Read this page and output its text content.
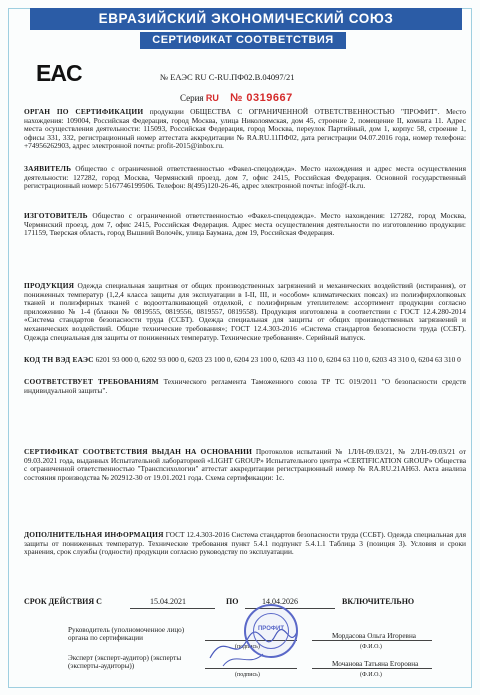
ЕВРАЗИЙСКИЙ ЭКОНОМИЧЕСКИЙ СОЮЗ
СЕРТИФИКАТ СООТВЕТСТВИЯ
EAC	№ ЕАЭС RU C-RU.ПФ02.В.04097/21
Серия RU № 0319667

ОРГАН ПО СЕРТИФИКАЦИИ продукции ОБЩЕСТВА С ОГРАНИЧЕННОЙ ОТВЕТСТВЕННОСТЬЮ "ПРОФИТ". Место нахождения: 109004, Российская Федерация, город Москва, улица Николоямская, дом 45, строение 2, помещение II, комната 11. Адрес места осуществления деятельности: 115093, Российская Федерация, город Москва, переулок Партийный, дом 1, корпус 58, строение 1, офисы 331, 332, регистрационный номер аттестата аккредитации № RA.RU.11ПФ02, дата регистрации 04.07.2016 года, номер телефона: +74956262903, адрес электронной почты: profit-2015@inbox.ru.

ЗАЯВИТЕЛЬ Общество с ограниченной ответственностью «Факел-спецодежда». Место нахождения и адрес места осуществления деятельности: 127282, город Москва, Чермянский проезд, дом 7, офис 2415, Российская Федерация. Основной государственный регистрационный номер: 5167746199506. Телефон: 8(495)120-26-46, адрес электронной почты: info@f-tk.ru.

ИЗГОТОВИТЕЛЬ Общество с ограниченной ответственностью «Факел-спецодежда». Место нахождения: 127282, город Москва, Чермянский проезд, дом 7, офис 2415, Российская Федерация. Адрес места осуществления деятельности по изготовлению продукции: 171159, Тверская область, город Вышний Волочёк, улица Баумана, дом 19, Российская Федерация.

ПРОДУКЦИЯ Одежда специальная защитная от общих производственных загрязнений и механических воздействий (истирания), от пониженных температур (1,2,4 класса защиты для эксплуатации в I-II, III, и «особом» климатических поясах) из полиэфирхлопковых тканей и полиэфирных тканей с водоотталкивающей отделкой, с полиэфирным утеплителем: ассортимент продукции согласно приложению № 1-4 (бланки № 0819555, 0819556, 0819557, 0819558). Продукция изготовлена в соответствии с ГОСТ 12.4.280-2014 «Система стандартов безопасности труда (ССБТ). Одежда специальная для защиты от общих производственных загрязнений и механических воздействий. Общие технические требования»; ГОСТ 12.4.303-2016 «Система стандартов безопасности труда (ССБТ). Одежда специальная для защиты от пониженных температур. Технические требования». Серийный выпуск.

КОД ТН ВЭД ЕАЭС 6201 93 000 0, 6202 93 000 0, 6203 23 100 0, 6204 23 100 0, 6203 43 110 0, 6204 63 110 0, 6203 43 310 0, 6204 63 310 0

СООТВЕТСТВУЕТ ТРЕБОВАНИЯМ Технического регламента Таможенного союза ТР ТС 019/2011 "О безопасности средств индивидуальной защиты".

СЕРТИФИКАТ СООТВЕТСТВИЯ ВЫДАН НА ОСНОВАНИИ Протоколов испытаний № 1Л/Н-09.03/21, № 2Л/Н-09.03/21 от 09.03.2021 года, выданных Испытательной лабораторией «LIGHT GROUP» Испытательного центра «CERTIFICATION GROUP» Общества с ограниченной ответственностью "Транспсихологии" аттестат аккредитации регистрационный номер № RA.RU.21АН63. Акта анализа состояния производства № 202912-30 от 19.01.2021 года. Схема сертификации: 1с.

ДОПОЛНИТЕЛЬНАЯ ИНФОРМАЦИЯ ГОСТ 12.4.303-2016 Система стандартов безопасности труда (ССБТ). Одежда специальная для защиты от пониженных температур. Технические требования пункт 5.4.1 подпункт 5.4.1.1 Таблица 3 (позиция 3). Условия и сроки хранения, срок службы (годности) продукции согласно руководству по эксплуатации.

СРОК ДЕЙСТВИЯ С	15.04.2021	ПО	14.04.2026	ВКЛЮЧИТЕЛЬНО
Руководитель (уполномоченное лицо) органа по сертификации	Мордасова Ольга Игоревна
(подпись)	(Ф.И.О.)
Эксперт (эксперт-аудитор) (эксперты (эксперты-аудиторы))	Мочанова Татьяна Егоровна
(подпись)	(Ф.И.О.)
ПРОФИТ
